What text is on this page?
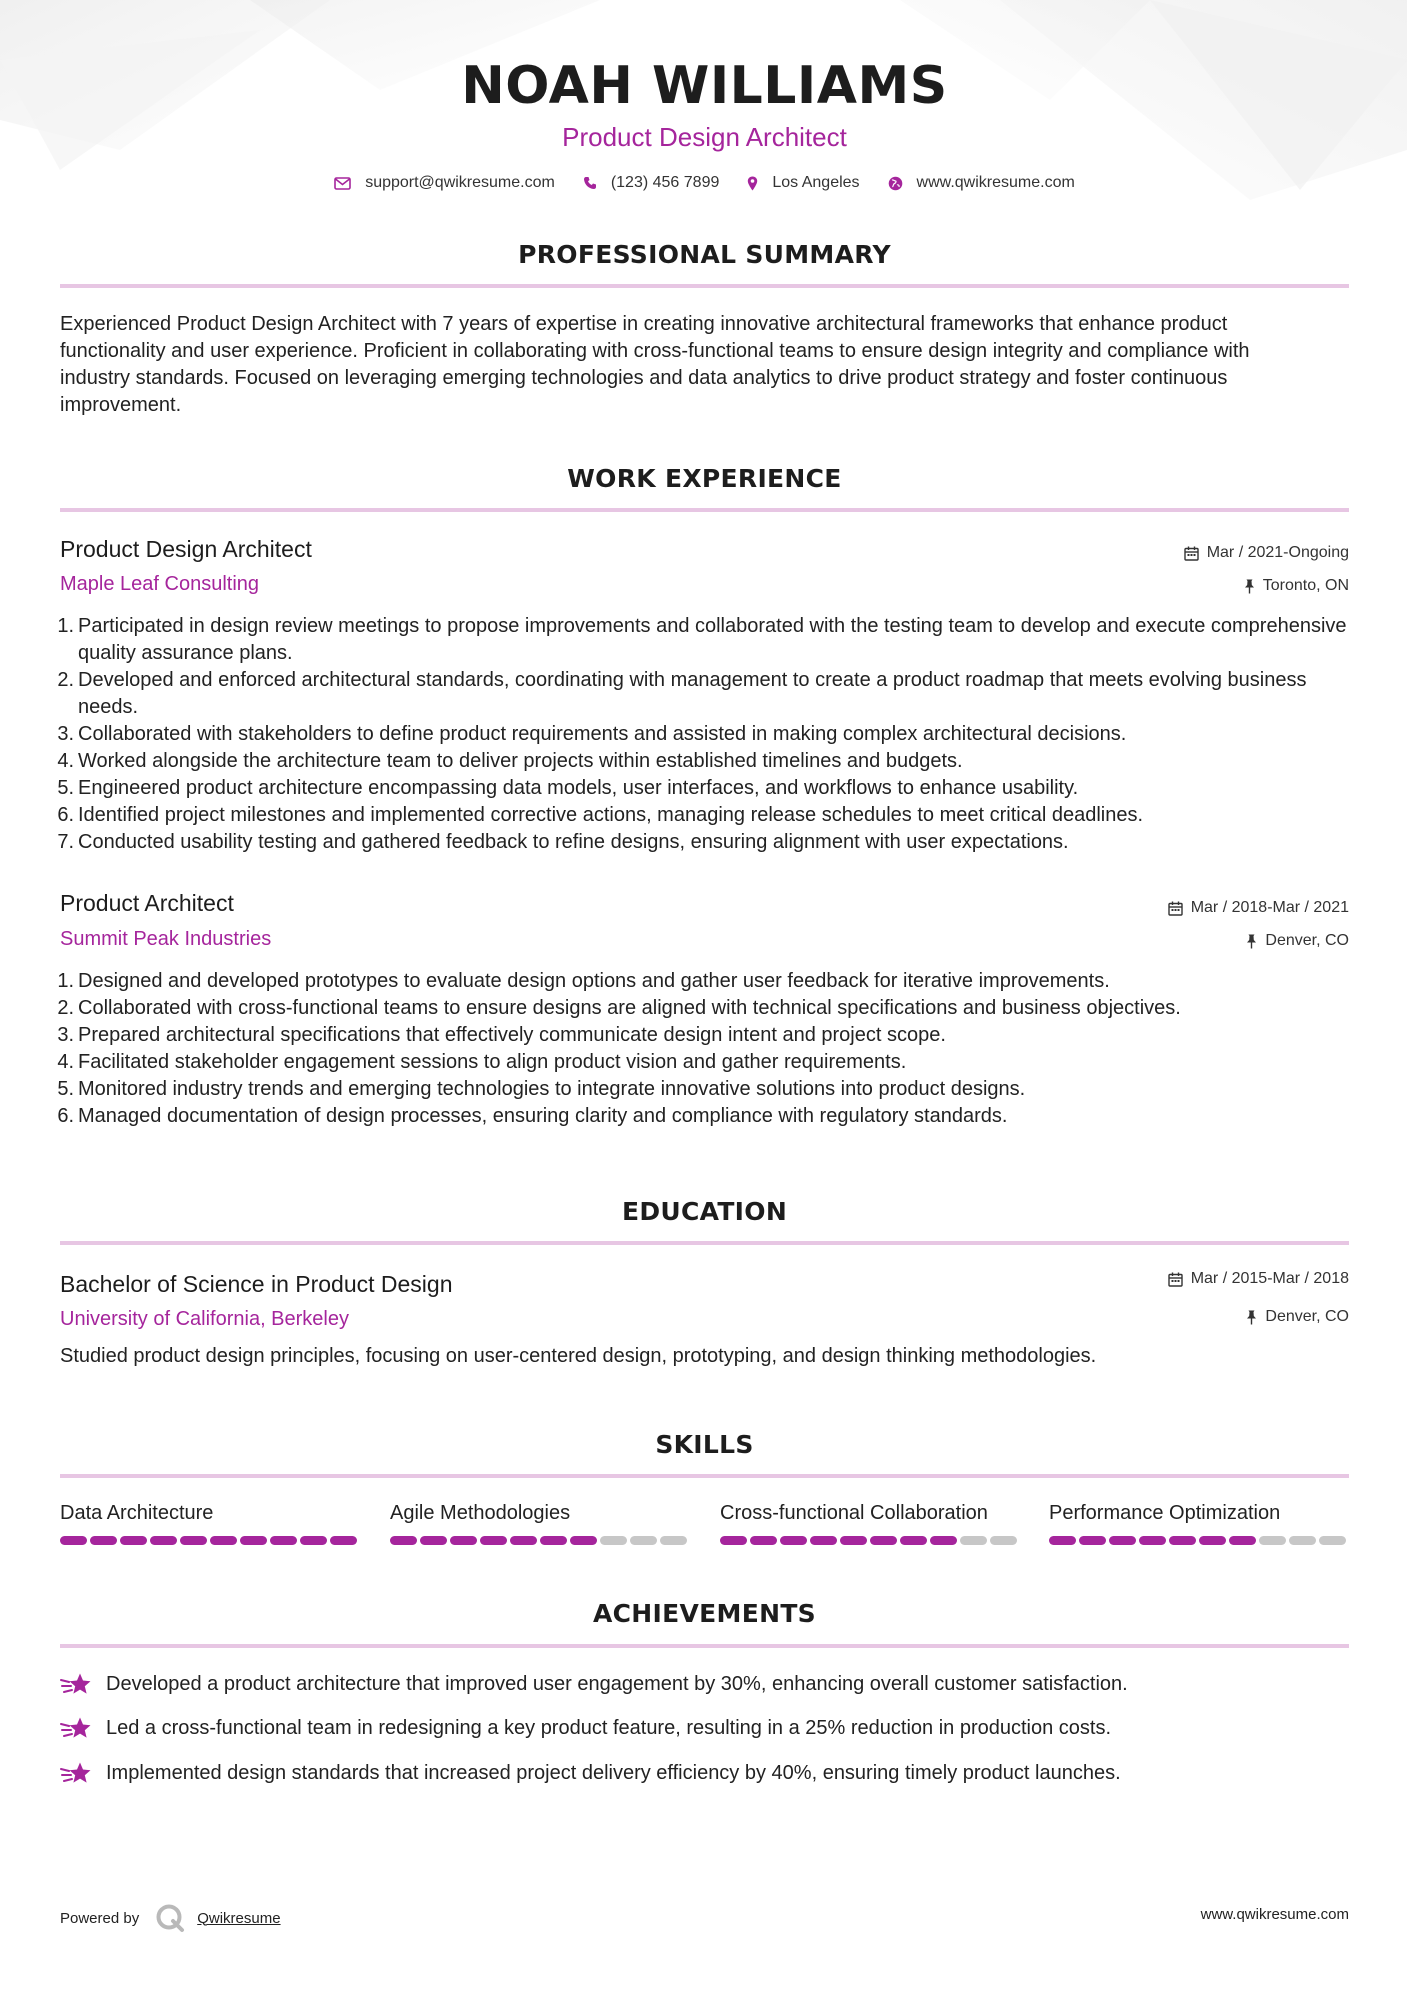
NOAH WILLIAMS
Product Design Architect
support@qwikresume.com	(123) 456 7899	Los Angeles	www.qwikresume.com
PROFESSIONAL SUMMARY
Experienced Product Design Architect with 7 years of expertise in creating innovative architectural frameworks that enhance product
functionality and user experience. Proficient in collaborating with cross-functional teams to ensure design integrity and compliance with
industry standards. Focused on leveraging emerging technologies and data analytics to drive product strategy and foster continuous
improvement.
WORK EXPERIENCE
Product Design Architect
Maple Leaf Consulting
Mar / 2021-Ongoing
Toronto, ON
Participated in design review meetings to propose improvements and collaborated with the testing team to develop and execute comprehensive quality assurance plans.
Developed and enforced architectural standards, coordinating with management to create a product roadmap that meets evolving business needs.
Collaborated with stakeholders to define product requirements and assisted in making complex architectural decisions.
Worked alongside the architecture team to deliver projects within established timelines and budgets.
Engineered product architecture encompassing data models, user interfaces, and workflows to enhance usability.
Identified project milestones and implemented corrective actions, managing release schedules to meet critical deadlines.
Conducted usability testing and gathered feedback to refine designs, ensuring alignment with user expectations.
Product Architect
Summit Peak Industries
Mar / 2018-Mar / 2021
Denver, CO
Designed and developed prototypes to evaluate design options and gather user feedback for iterative improvements.
Collaborated with cross-functional teams to ensure designs are aligned with technical specifications and business objectives.
Prepared architectural specifications that effectively communicate design intent and project scope.
Facilitated stakeholder engagement sessions to align product vision and gather requirements.
Monitored industry trends and emerging technologies to integrate innovative solutions into product designs.
Managed documentation of design processes, ensuring clarity and compliance with regulatory standards.
EDUCATION
Bachelor of Science in Product Design
University of California, Berkeley
Mar / 2015-Mar / 2018
Denver, CO
Studied product design principles, focusing on user-centered design, prototyping, and design thinking methodologies.
SKILLS
Data Architecture	Agile Methodologies	Cross-functional Collaboration	Performance Optimization
ACHIEVEMENTS
Developed a product architecture that improved user engagement by 30%, enhancing overall customer satisfaction.
Led a cross-functional team in redesigning a key product feature, resulting in a 25% reduction in production costs.
Implemented design standards that increased project delivery efficiency by 40%, ensuring timely product launches.
Powered by	Qwikresume	www.qwikresume.com
